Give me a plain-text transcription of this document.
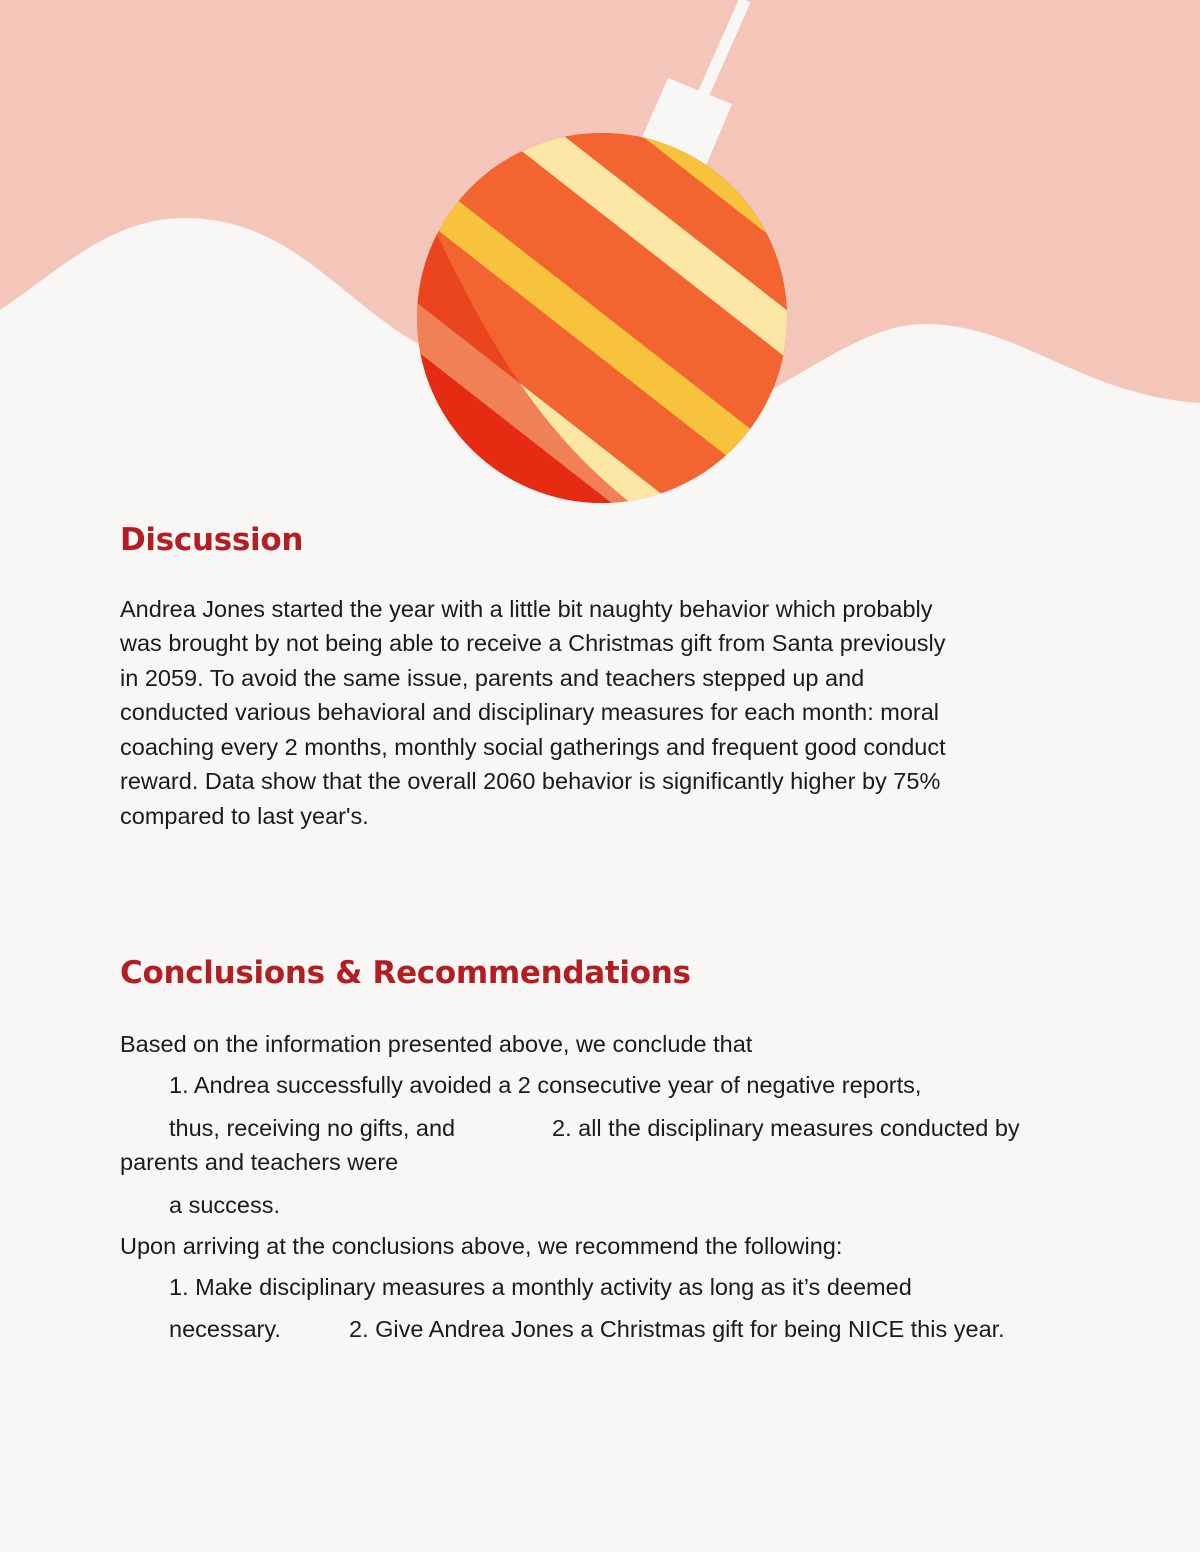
Discussion

Andrea Jones started the year with a little bit naughty behavior which probably

was brought by not being able to receive a Christmas gift from Santa previously

in 2059. To avoid the same issue, parents and teachers stepped up and

conducted various behavioral and disciplinary measures for each month: moral

coaching every 2 months, monthly social gatherings and frequent good conduct

reward. Data show that the overall 2060 behavior is significantly higher by 75%

compared to last year's.

Conclusions & Recommendations

Based on the information presented above, we conclude that

1. Andrea successfully avoided a 2 consecutive year of negative reports,

thus, receiving no gifts, and	2. all the disciplinary measures conducted by

parents and teachers were

a success.

Upon arriving at the conclusions above, we recommend the following:

1. Make disciplinary measures a monthly activity as long as it’s deemed

necessary.	2. Give Andrea Jones a Christmas gift for being NICE this year.
